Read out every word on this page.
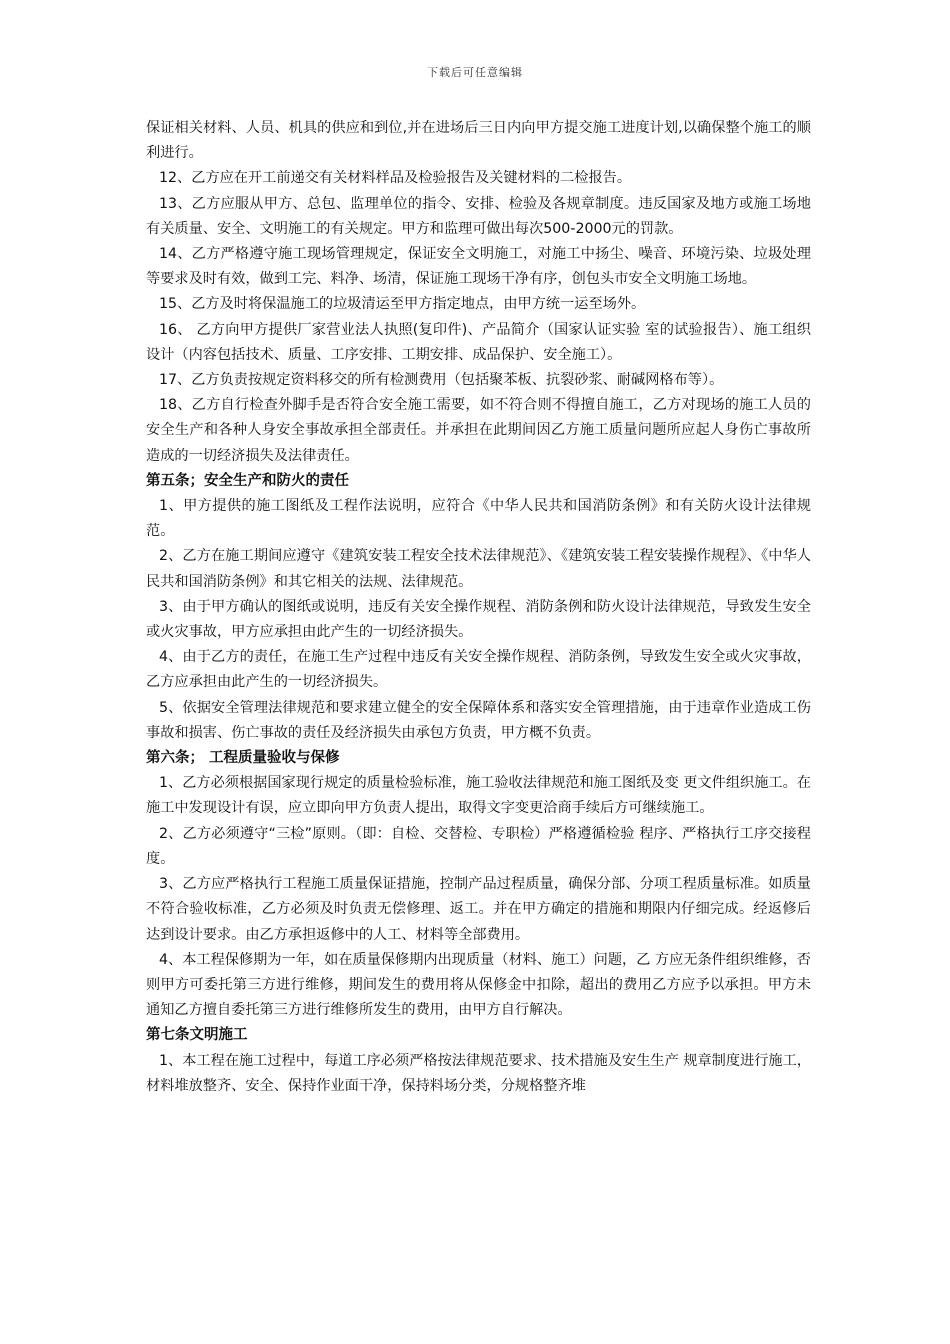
下载后可任意编辑

保证相关材料、人员、机具的供应和到位,并在进场后三日内向甲方提交施工进度计划,以确保整个施工的顺利进行。

12、乙方应在开工前递交有关材料样品及检验报告及关键材料的二检报告。

13、乙方应服从甲方、总包、监理单位的指令、安排、检验及各规章制度。违反国家及地方或施工场地有关质量、安全、文明施工的有关规定。甲方和监理可做出每次500-2000元的罚款。

14、乙方严格遵守施工现场管理规定，保证安全文明施工，对施工中扬尘、噪音、环境污染、垃圾处理等要求及时有效，做到工完、料净、场清，保证施工现场干净有序，创包头市安全文明施工场地。

15、乙方及时将保温施工的垃圾清运至甲方指定地点，由甲方统一运至场外。

16、 乙方向甲方提供厂家营业法人执照(复印件)、产品简介（国家认证实验 室的试验报告）、施工组织设计（内容包括技术、质量、工序安排、工期安排、成品保护、安全施工）。

17、乙方负责按规定资料移交的所有检测费用（包括聚苯板、抗裂砂浆、耐碱网格布等）。

18、乙方自行检查外脚手是否符合安全施工需要，如不符合则不得擅自施工，乙方对现场的施工人员的安全生产和各种人身安全事故承担全部责任。并承担在此期间因乙方施工质量问题所应起人身伤亡事故所造成的一切经济损失及法律责任。

第五条；安全生产和防火的责任

1、甲方提供的施工图纸及工程作法说明，应符合《中华人民共和国消防条例》和有关防火设计法律规范。

2、乙方在施工期间应遵守《建筑安装工程安全技术法律规范》、《建筑安装工程安装操作规程》、《中华人民共和国消防条例》和其它相关的法规、法律规范。

3、由于甲方确认的图纸或说明，违反有关安全操作规程、消防条例和防火设计法律规范，导致发生安全或火灾事故，甲方应承担由此产生的一切经济损失。

4、由于乙方的责任，在施工生产过程中违反有关安全操作规程、消防条例，导致发生安全或火灾事故，乙方应承担由此产生的一切经济损失。

5、依据安全管理法律规范和要求建立健全的安全保障体系和落实安全管理措施，由于违章作业造成工伤事故和损害、伤亡事故的责任及经济损失由承包方负责，甲方概不负责。

第六条； 工程质量验收与保修

1、乙方必须根据国家现行规定的质量检验标准，施工验收法律规范和施工图纸及变 更文件组织施工。在施工中发现设计有误，应立即向甲方负责人提出，取得文字变更洽商手续后方可继续施工。

2、乙方必须遵守“三检”原则。（即：自检、交替检、专职检）严格遵循检验 程序、严格执行工序交接程度。

3、乙方应严格执行工程施工质量保证措施，控制产品过程质量，确保分部、分项工程质量标准。如质量不符合验收标准，乙方必须及时负责无偿修理、返工。并在甲方确定的措施和期限内仔细完成。经返修后达到设计要求。由乙方承担返修中的人工、材料等全部费用。

4、本工程保修期为一年，如在质量保修期内出现质量（材料、施工）问题，乙 方应无条件组织维修，否则甲方可委托第三方进行维修，期间发生的费用将从保修金中扣除，超出的费用乙方应予以承担。甲方未通知乙方擅自委托第三方进行维修所发生的费用，由甲方自行解决。

第七条文明施工

1、本工程在施工过程中，每道工序必须严格按法律规范要求、技术措施及安生生产 规章制度进行施工，材料堆放整齐、安全、保持作业面干净，保持料场分类，分规格整齐堆
